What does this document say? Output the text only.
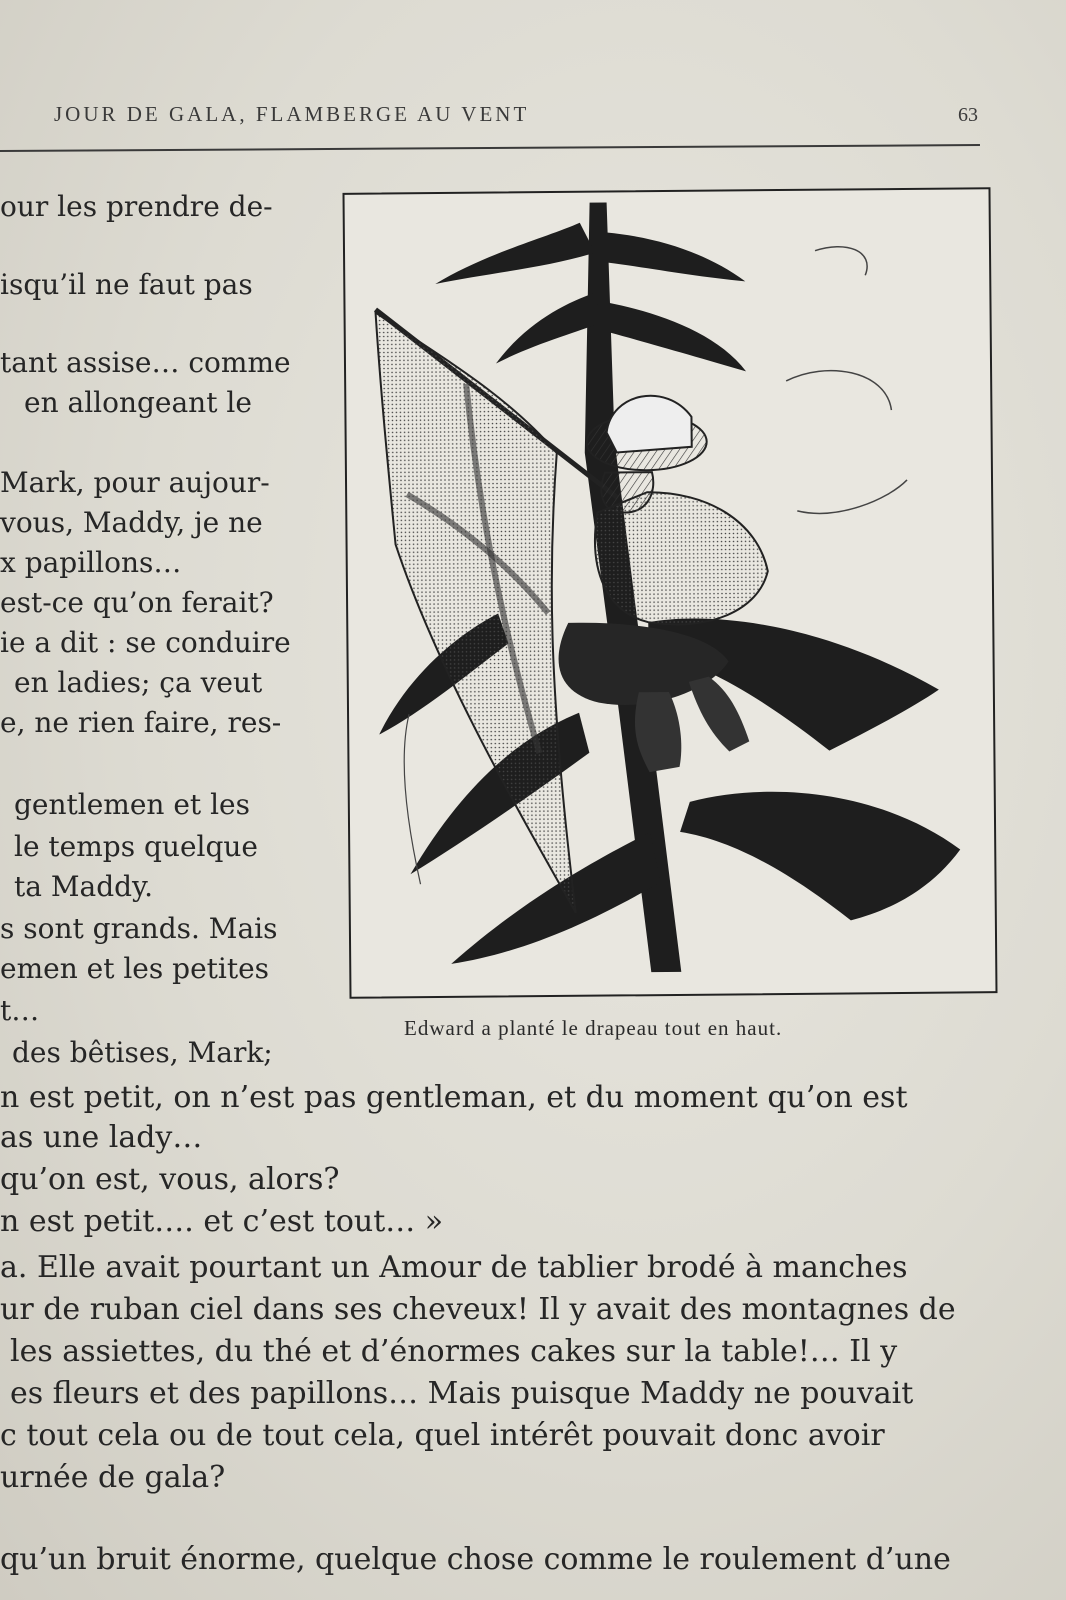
JOUR DE GALA, FLAMBERGE AU VENT	63
our les prendre de-
isqu’il ne faut pas
tant assise… comme
en allongeant le
Mark, pour aujour-
vous, Maddy, je ne
x papillons…
est-ce qu’on ferait?
ie a dit : se conduire
en ladies; ça veut
e, ne rien faire, res-
gentlemen et les
le temps quelque
ta Maddy.
s sont grands. Mais
emen et les petites
t…
des bêtises, Mark;
Edward a planté le drapeau tout en haut.
n est petit, on n’est pas gentleman, et du moment qu’on est
as une lady…
qu’on est, vous, alors?
n est petit…. et c’est tout… »
a. Elle avait pourtant un Amour de tablier brodé à manches
ur de ruban ciel dans ses cheveux! Il y avait des montagnes de
les assiettes, du thé et d’énormes cakes sur la table!… Il y
es fleurs et des papillons… Mais puisque Maddy ne pouvait
c tout cela ou de tout cela, quel intérêt pouvait donc avoir
urnée de gala?
qu’un bruit énorme, quelque chose comme le roulement d’une
